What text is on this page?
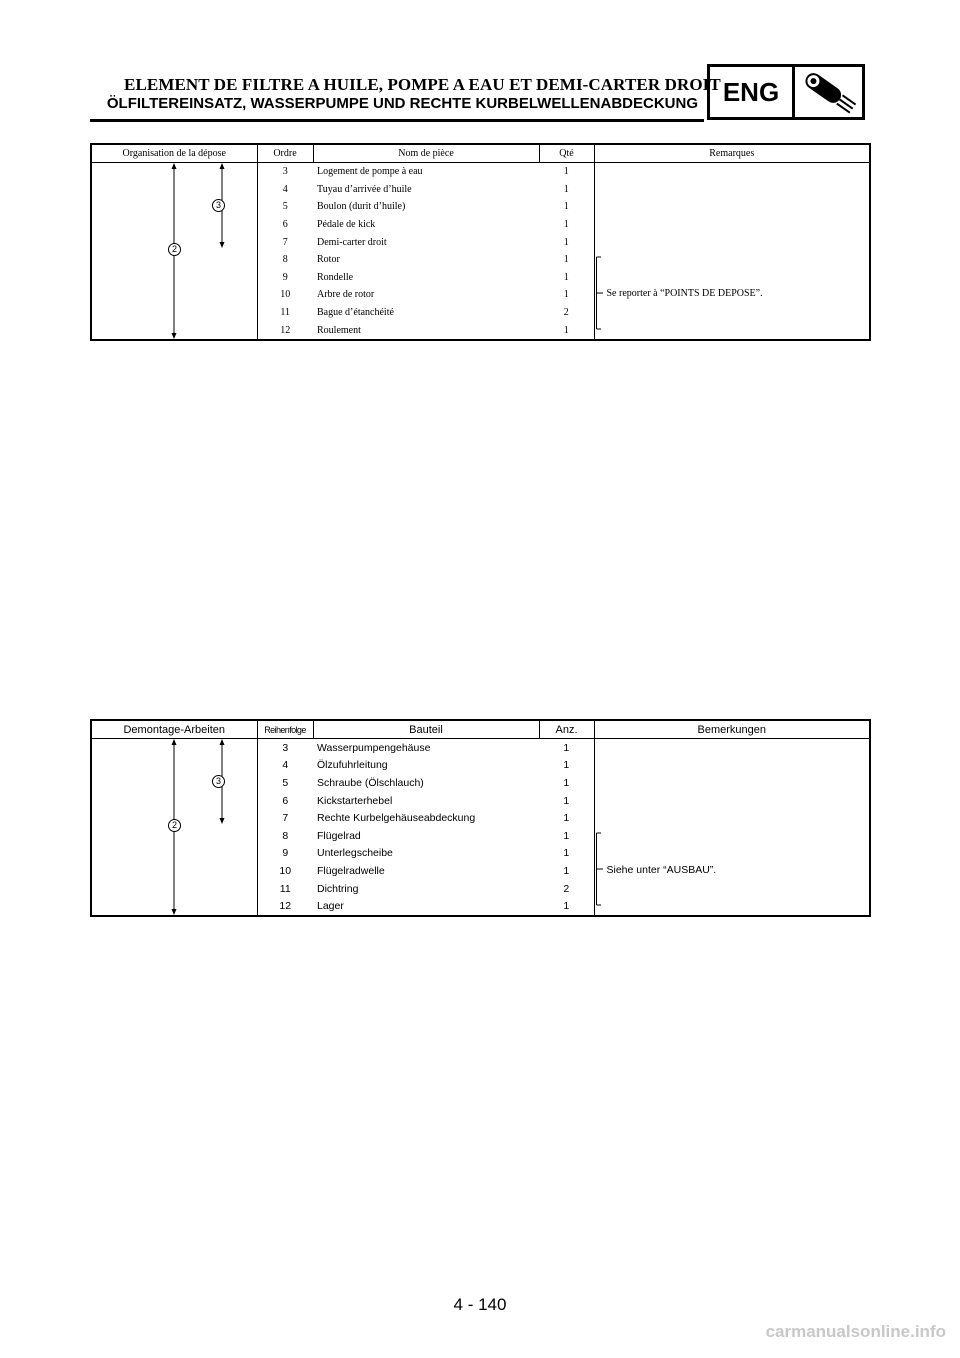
ELEMENT DE FILTRE A HUILE, POMPE A EAU ET DEMI-CARTER DROIT
ÖLFILTEREINSATZ, WASSERPUMPE UND RECHTE KURBELWELLENABDECKUNG ENG
Organisation de la dépose	Ordre	Nom de pièce	Qté	Remarques

3
2	3	Logement de pompe à eau	1	Se reporter à “POINTS DE DEPOSE”.

	4	Tuyau d’arrivée d’huile	1	
	5	Boulon (durit d’huile)	1	
	6	Pédale de kick	1	
	7	Demi-carter droit	1	
	8	Rotor	1	
	9	Rondelle	1	
	10	Arbre de rotor	1	
	11	Bague d’étanchéité	2	
	12	Roulement	1	
Demontage-Arbeiten	Reihenfolge	Bauteil	Anz.	Bemerkungen

3
2	3	Wasserpumpengehäuse	1	Siehe unter “AUSBAU”.

	4	Ölzufuhrleitung	1	
	5	Schraube (Ölschlauch)	1	
	6	Kickstarterhebel	1	
	7	Rechte Kurbelgehäuseabdeckung	1	
	8	Flügelrad	1	
	9	Unterlegscheibe	1	
	10	Flügelradwelle	1	
	11	Dichtring	2	
	12	Lager	1	
4 - 140
carmanualsonline.info
